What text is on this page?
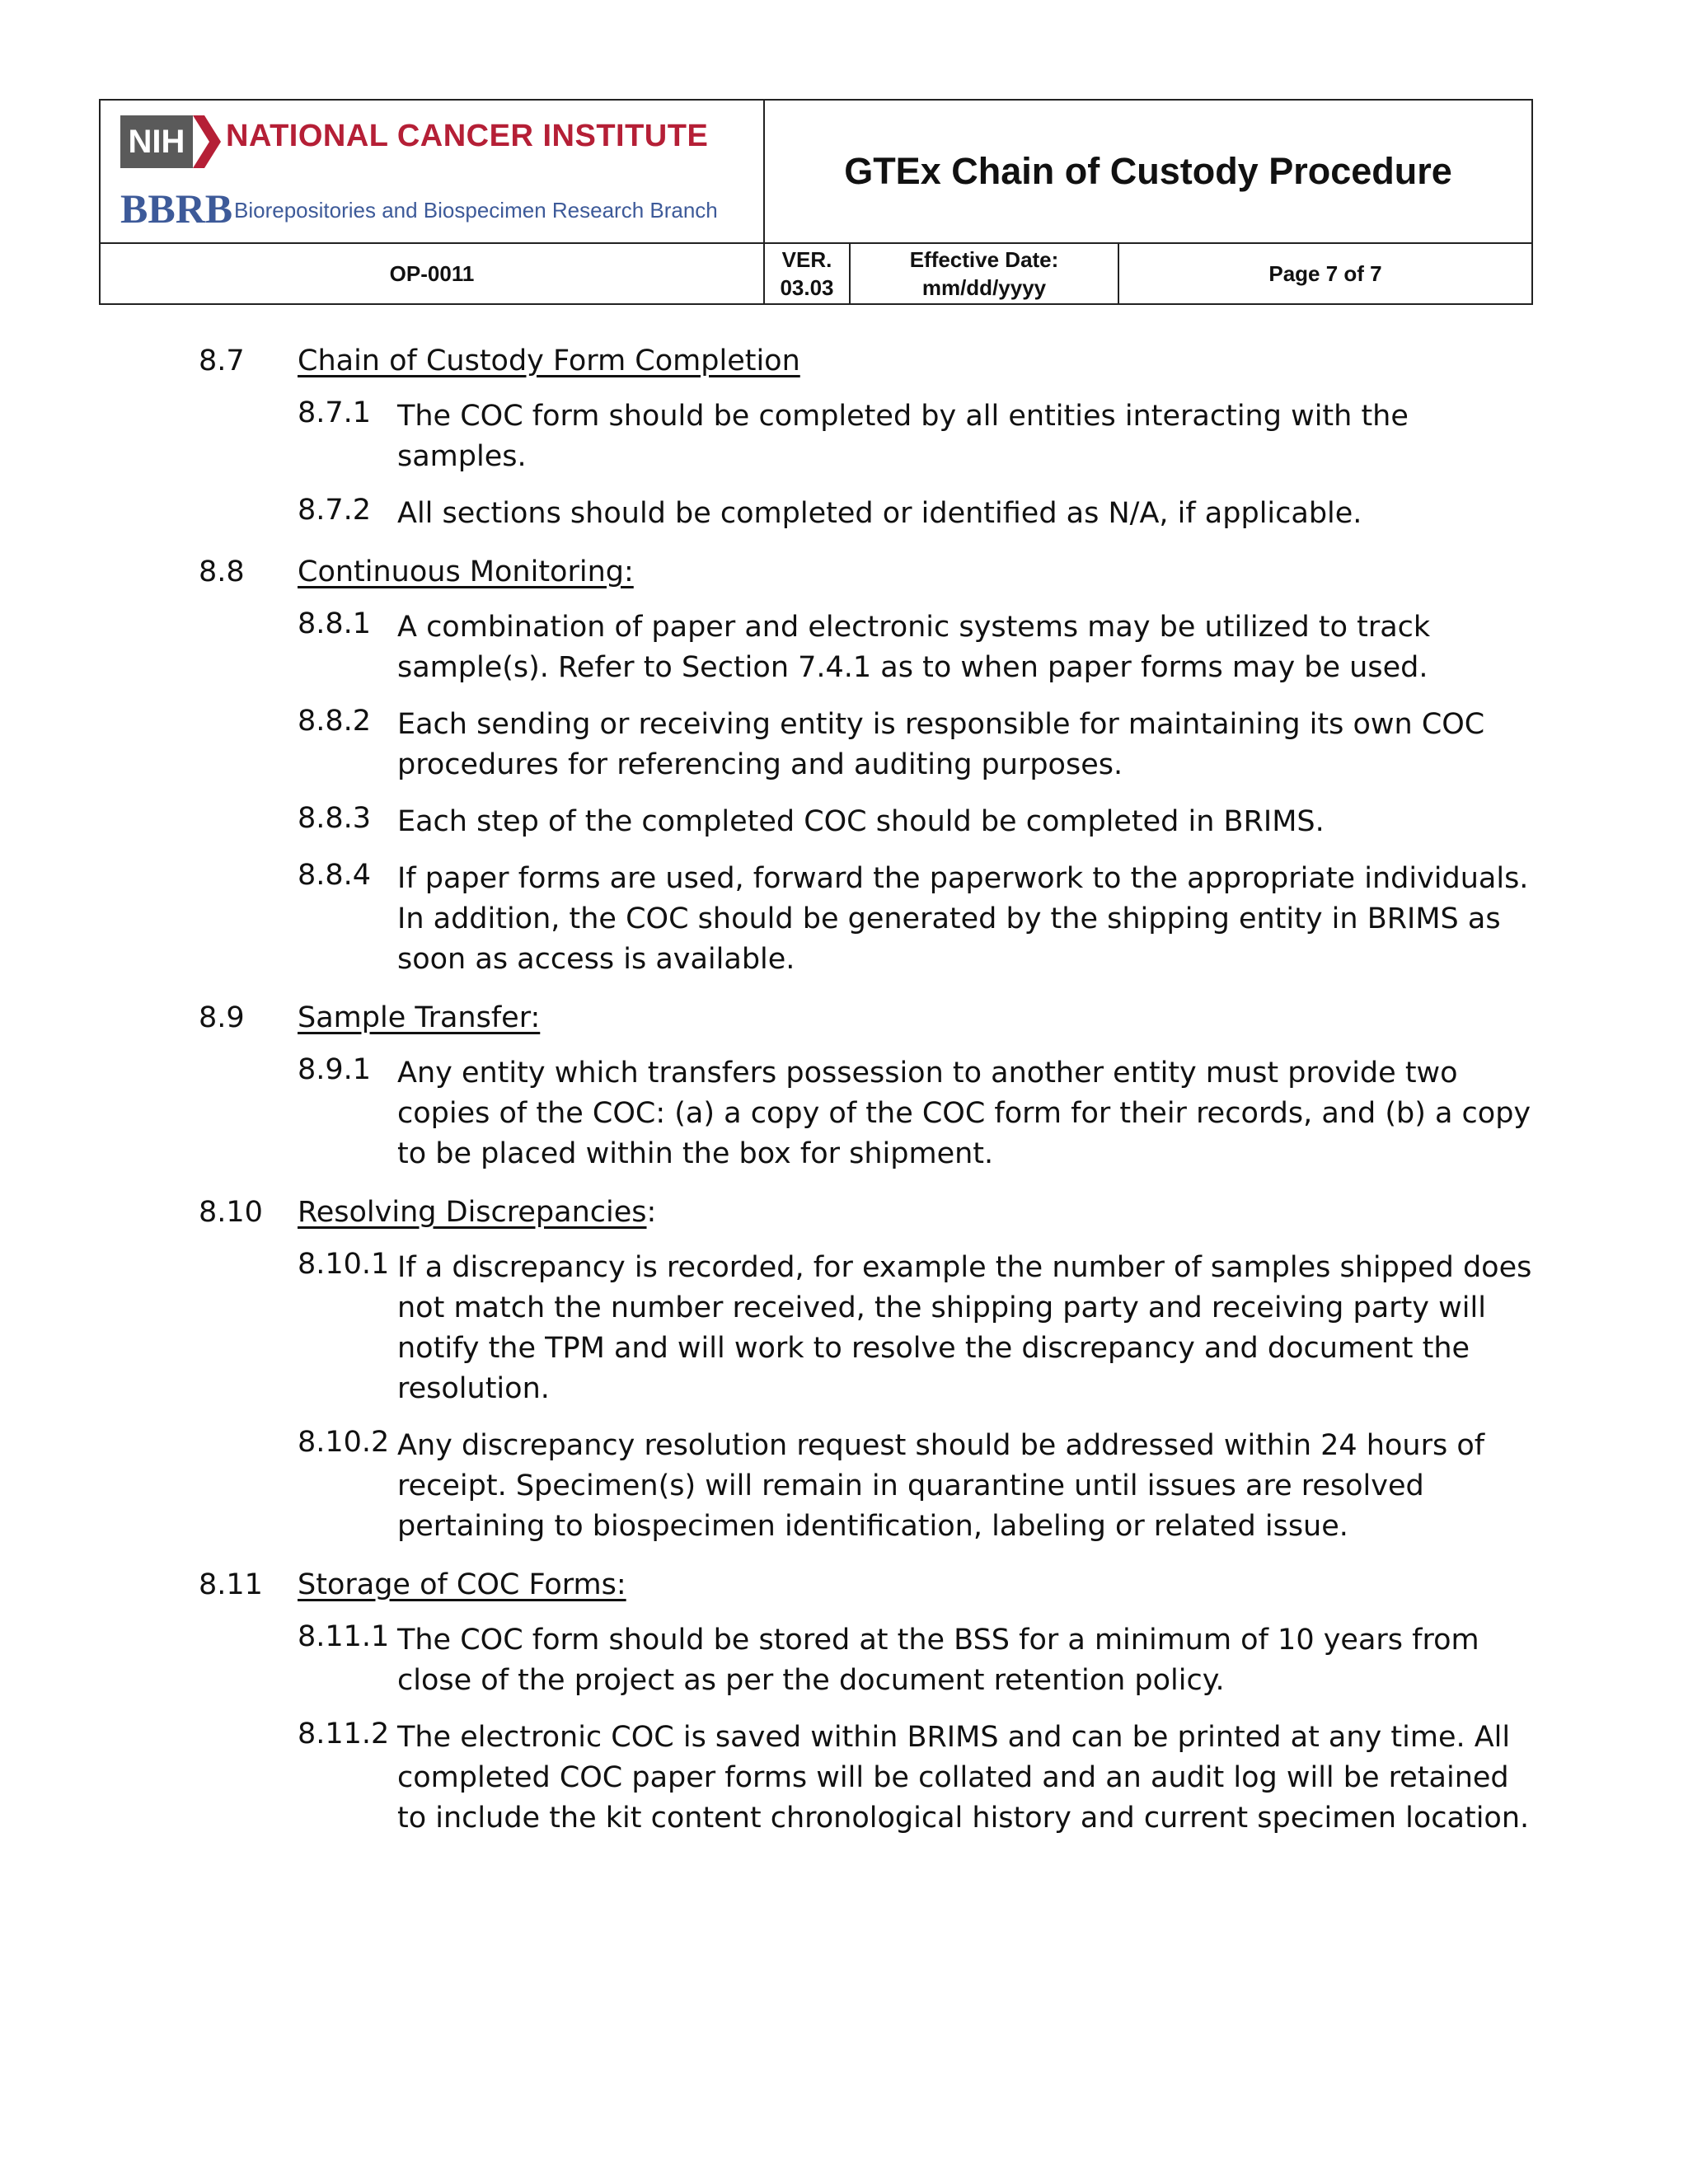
NIH NATIONAL CANCER INSTITUTE
BBRB Biorepositories and Biospecimen Research Branch
GTEx Chain of Custody Procedure
OP-0011
VER.
03.03
Effective Date:
mm/dd/yyyy
Page 7 of 7
8.7 Chain of Custody Form Completion
8.7.1 The COC form should be completed by all entities interacting with the samples.
8.7.2 All sections should be completed or identified as N/A, if applicable.
8.8 Continuous Monitoring:
8.8.1 A combination of paper and electronic systems may be utilized to track sample(s). Refer to Section 7.4.1 as to when paper forms may be used.
8.8.2 Each sending or receiving entity is responsible for maintaining its own COC procedures for referencing and auditing purposes.
8.8.3 Each step of the completed COC should be completed in BRIMS.
8.8.4 If paper forms are used, forward the paperwork to the appropriate individuals. In addition, the COC should be generated by the shipping entity in BRIMS as soon as access is available.
8.9 Sample Transfer:
8.9.1 Any entity which transfers possession to another entity must provide two copies of the COC: (a) a copy of the COC form for their records, and (b) a copy to be placed within the box for shipment.
8.10 Resolving Discrepancies:
8.10.1 If a discrepancy is recorded, for example the number of samples shipped does not match the number received, the shipping party and receiving party will notify the TPM and will work to resolve the discrepancy and document the resolution.
8.10.2 Any discrepancy resolution request should be addressed within 24 hours of receipt. Specimen(s) will remain in quarantine until issues are resolved pertaining to biospecimen identification, labeling or related issue.
8.11 Storage of COC Forms:
8.11.1 The COC form should be stored at the BSS for a minimum of 10 years from close of the project as per the document retention policy.
8.11.2 The electronic COC is saved within BRIMS and can be printed at any time. All completed COC paper forms will be collated and an audit log will be retained to include the kit content chronological history and current specimen location.
